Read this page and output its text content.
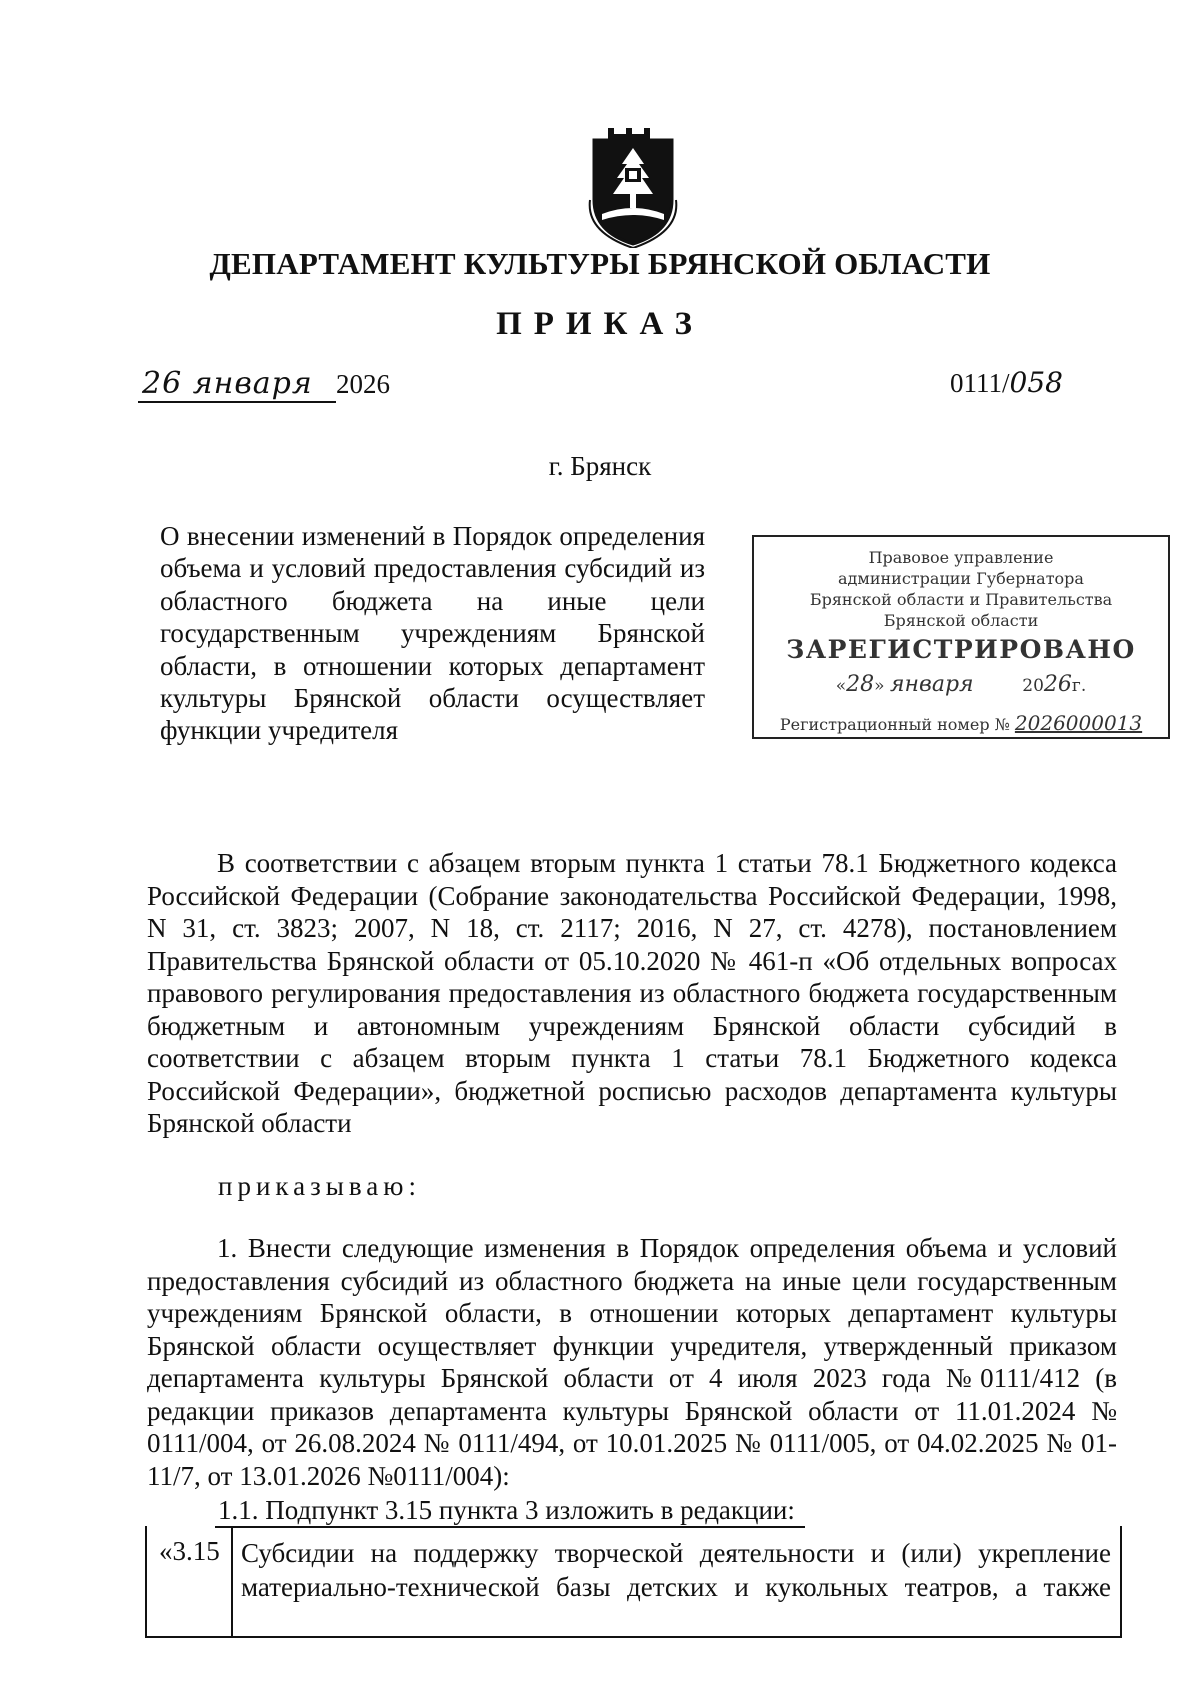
ДЕПАРТАМЕНТ КУЛЬТУРЫ БРЯНСКОЙ ОБЛАСТИ
ПРИКАЗ
26 января 2026	0111/058
г. Брянск
О внесении изменений в Порядок определения объема и условий предоставления субсидий из областного бюджета на иные цели государственным учреждениям Брянской области, в отношении которых департамент культуры Брянской области осуществляет функции учредителя
Правовое управление
администрации Губернатора
Брянской области и Правительства
Брянской области
ЗАРЕГИСТРИРОВАНО
«28» января	2026г.
Регистрационный номер № 2026000013
В соответствии с абзацем вторым пункта 1 статьи 78.1 Бюджетного кодекса Российской Федерации (Собрание законодательства Российской Федерации, 1998, N 31, ст. 3823; 2007, N 18, ст. 2117; 2016, N 27, ст. 4278), постановлением Правительства Брянской области от 05.10.2020 № 461-п «Об отдельных вопросах правового регулирования предоставления из областного бюджета государственным бюджетным и автономным учреждениям Брянской области субсидий в соответствии с абзацем вторым пункта 1 статьи 78.1 Бюджетного кодекса Российской Федерации», бюджетной росписью расходов департамента культуры Брянской области
приказываю:
1. Внести следующие изменения в Порядок определения объема и условий предоставления субсидий из областного бюджета на иные цели государственным учреждениям Брянской области, в отношении которых департамент культуры Брянской области осуществляет функции учредителя, утвержденный приказом департамента культуры Брянской области от 4 июля 2023 года №0111/412 (в редакции приказов департамента культуры Брянской области от 11.01.2024 № 0111/004, от 26.08.2024 № 0111/494, от 10.01.2025 № 0111/005, от 04.02.2025 № 01-11/7, от 13.01.2026 №0111/004):
1.1. Подпункт 3.15 пункта 3 изложить в редакции:
«3.15 Субсидии на поддержку творческой деятельности и (или) укрепление материально-технической базы детских и кукольных театров, а также
